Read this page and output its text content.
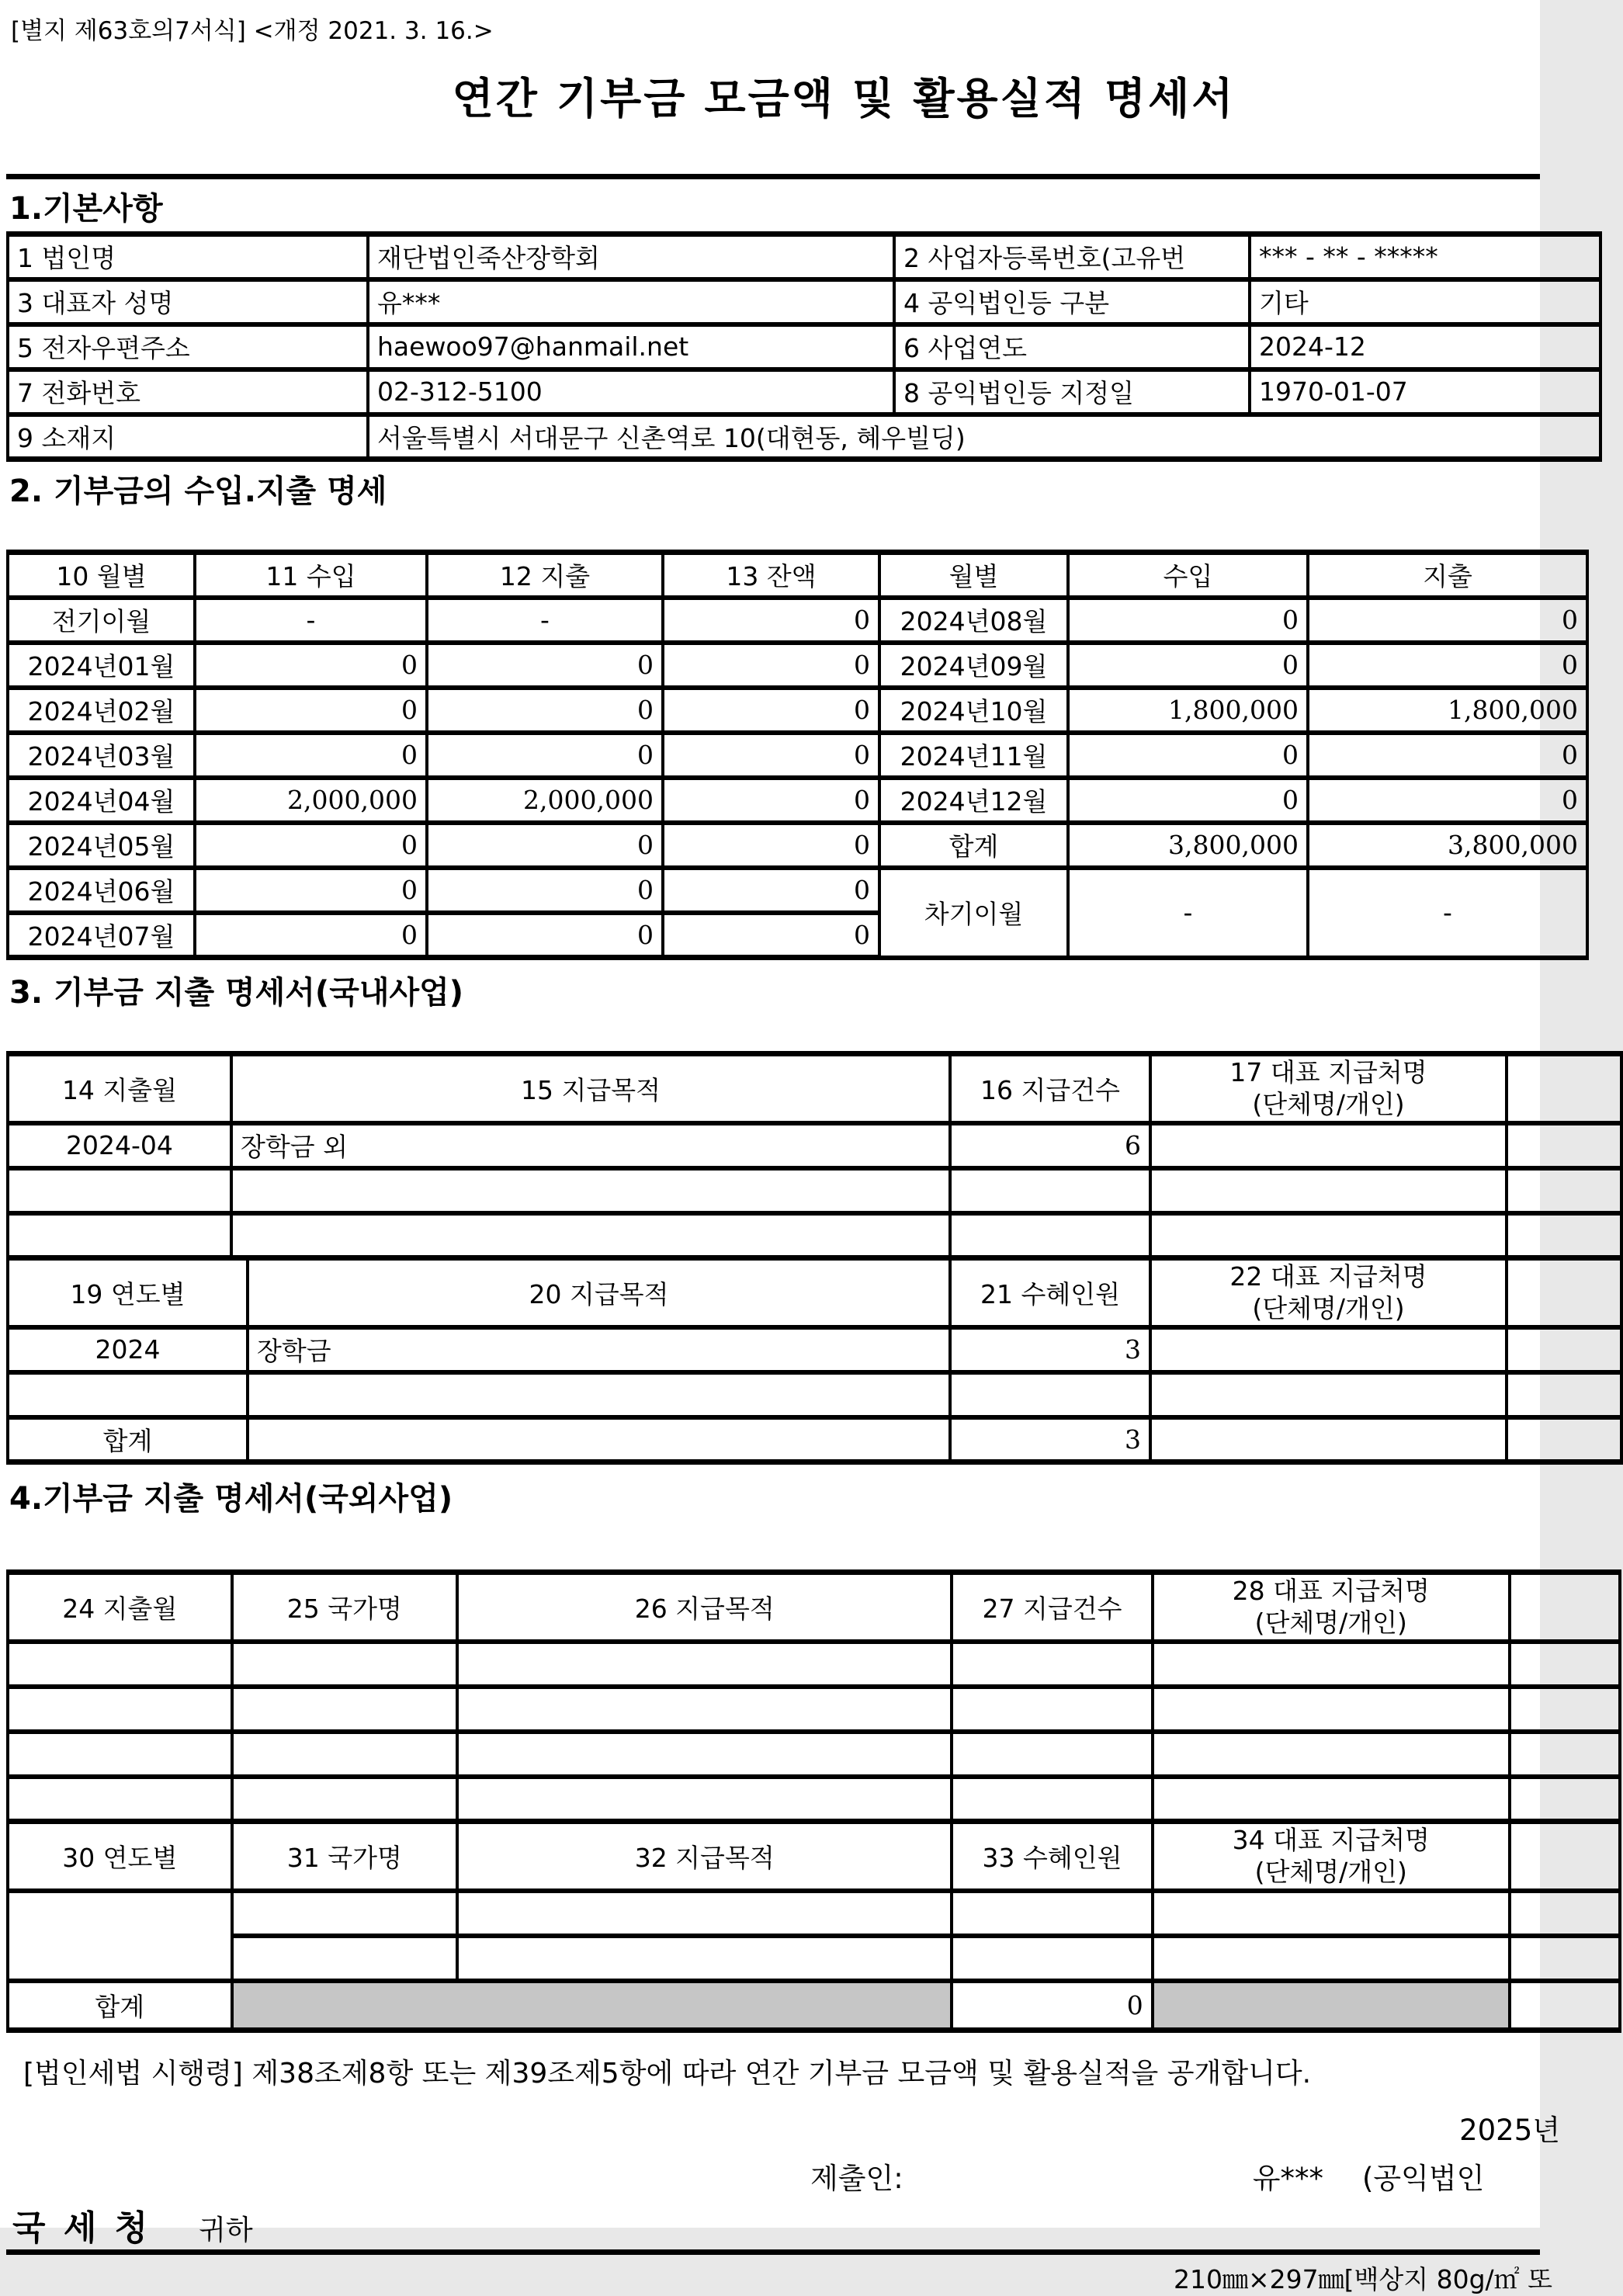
[별지 제63호의7서식] <개정 2021. 3. 16.>
연간 기부금 모금액 및 활용실적 명세서
1.기본사항
1 법인명	재단법인죽산장학회	2 사업자등록번호(고유번	*** - ** - *****
3 대표자 성명	유***	4 공익법인등 구분	기타
5 전자우편주소	haewoo97@hanmail.net	6 사업연도	2024-12
7 전화번호	02-312-5100	8 공익법인등 지정일	1970-01-07
9 소재지	서울특별시 서대문구 신촌역로 10(대현동, 혜우빌딩)		
2. 기부금의 수입.지출 명세
10 월별	11 수입	12 지출	13 잔액	월별	수입	지출
전기이월	-	-	0	2024년08월	0	0
2024년01월	0	0	0	2024년09월	0	0
2024년02월	0	0	0	2024년10월	1,800,000	1,800,000
2024년03월	0	0	0	2024년11월	0	0
2024년04월	2,000,000	2,000,000	0	2024년12월	0	0
2024년05월	0	0	0	합계	3,800,000	3,800,000
2024년06월	0	0	0	차기이월	-	-
2024년07월	0	0	0			
3. 기부금 지출 명세서(국내사업)
14 지출월	15 지급목적	16 지급건수	17 대표 지급처명
(단체명/개인)	

2024-04	장학금 외	6		

19 연도별	20 지급목적	21 수혜인원	22 대표 지급처명
(단체명/개인)	

2024	장학금	3		

합계		3		
4.기부금 지출 명세서(국외사업)
24 지출월	25 국가명	26 지급목적	27 지급건수	28 대표 지급처명
(단체명/개인)	

30 연도별	31 국가명	32 지급목적	33 수혜인원	34 대표 지급처명
(단체명/개인)	

합계			0		
[법인세법 시행령] 제38조제8항 또는 제39조제5항에 따라 연간 기부금 모금액 및 활용실적을 공개합니다.
2025년
제출인:	유*** (공익법인
국 세 청 귀하
210㎜×297㎜[백상지 80g/㎡ 또
